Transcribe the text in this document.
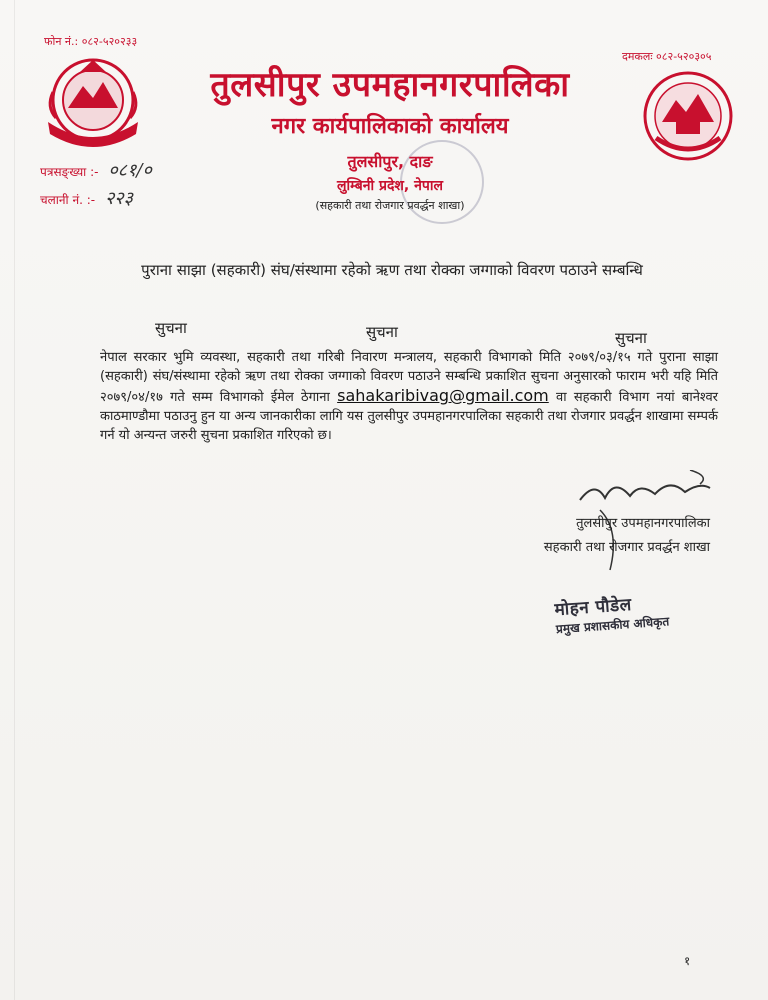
फोन नं.: ०८२-५२०२३३
दमकलः ०८२-५२०३०५
तुलसीपुर उपमहानगरपालिका
नगर कार्यपालिकाको कार्यालय
तुलसीपुर, दाङ
लुम्बिनी प्रदेश, नेपाल
(सहकारी तथा रोजगार प्रवर्द्धन शाखा)
पत्रसङ्ख्या :- ०८१/०
चलानी नं. :- २२३
पुराना साझा (सहकारी) संघ/संस्थामा रहेको ऋण तथा रोक्का जग्गाको विवरण पठाउने सम्बन्धि
सुचना	सुचना	सुचना
नेपाल सरकार भुमि व्यवस्था, सहकारी तथा गरिबी निवारण मन्त्रालय, सहकारी विभागको मिति २०७९/०३/१५ गते पुराना साझा (सहकारी) संघ/संस्थामा रहेको ऋण तथा रोक्का जग्गाको विवरण पठाउने सम्बन्धि प्रकाशित सुचना अनुसारको फाराम भरी यहि मिति २०७९/०४/१७ गते सम्म विभागको ईमेल ठेगाना sahakaribivag@gmail.com वा सहकारी विभाग नयां बानेश्वर काठमाण्डौमा पठाउनु हुन या अन्य जानकारीका लागि यस तुलसीपुर उपमहानगरपालिका सहकारी तथा रोजगार प्रवर्द्धन शाखामा सम्पर्क गर्न यो अन्यन्त जरुरी सुचना प्रकाशित गरिएको छ।
तुलसीपुर उपमहानगरपालिका
सहकारी तथा रोजगार प्रवर्द्धन शाखा
मोहन पौडेल
प्रमुख प्रशासकीय अधिकृत
१
